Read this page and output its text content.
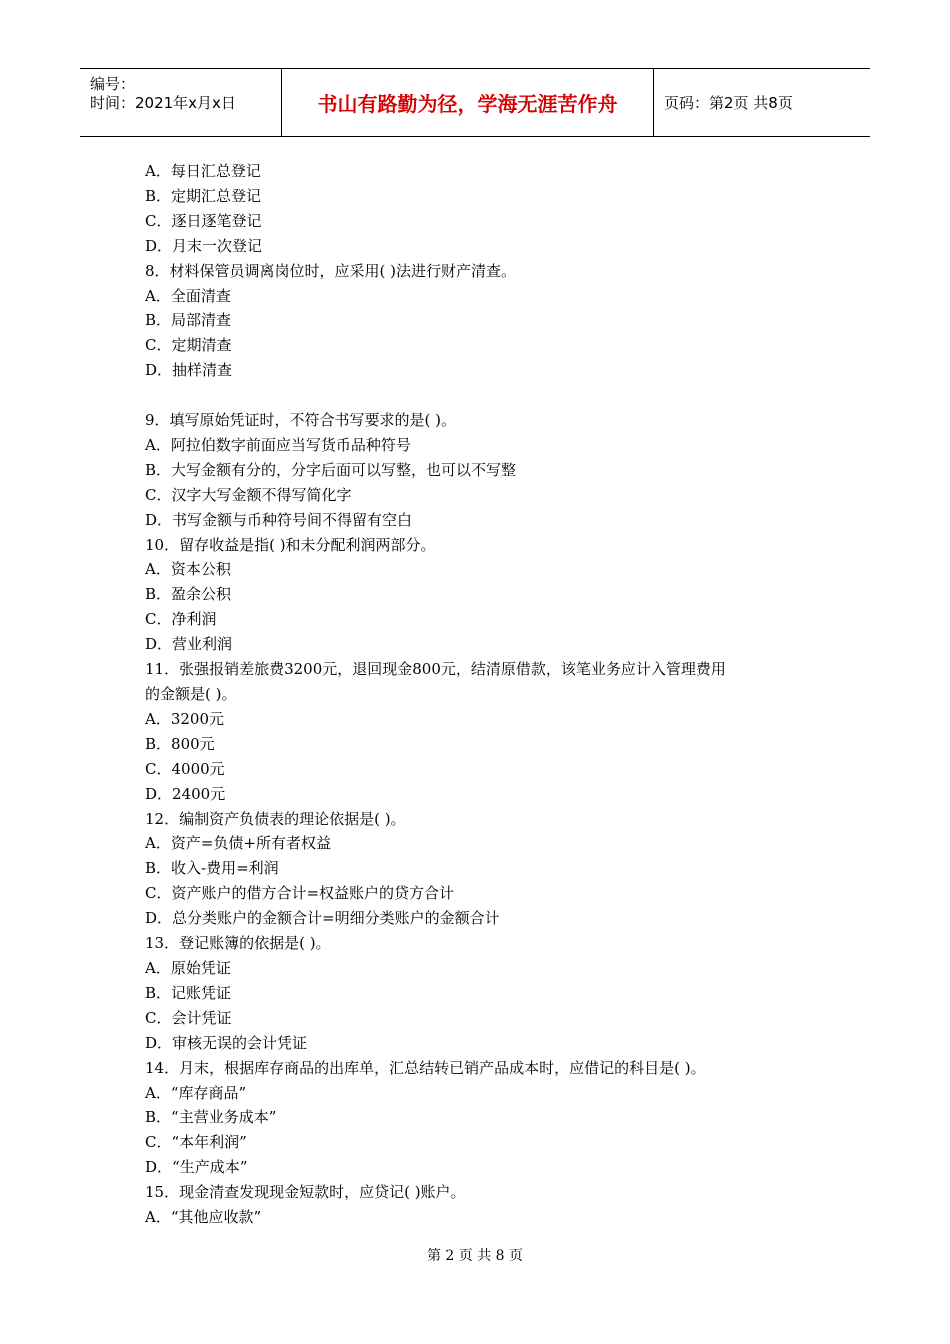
编号：
时间：2021年x月x日	书山有路勤为径，学海无涯苦作舟	页码：第2页 共8页
A．每日汇总登记
B．定期汇总登记
C．逐日逐笔登记
D．月末一次登记
8．材料保管员调离岗位时，应采用( )法进行财产清查。
A．全面清查
B．局部清查
C．定期清查
D．抽样清查
9．填写原始凭证时，不符合书写要求的是( )。
A．阿拉伯数字前面应当写货币品种符号
B．大写金额有分的，分字后面可以写整，也可以不写整
C．汉字大写金额不得写简化字
D．书写金额与币种符号间不得留有空白
10．留存收益是指( )和未分配利润两部分。
A．资本公积
B．盈余公积
C．净利润
D．营业利润
11．张强报销差旅费3200元，退回现金800元，结清原借款，该笔业务应计入管理费用
的金额是( )。
A．3200元
B．800元
C．4000元
D．2400元
12．编制资产负债表的理论依据是( )。
A．资产=负债+所有者权益
B．收入-费用=利润
C．资产账户的借方合计=权益账户的贷方合计
D．总分类账户的金额合计=明细分类账户的金额合计
13．登记账簿的依据是( )。
A．原始凭证
B．记账凭证
C．会计凭证
D．审核无误的会计凭证
14．月末，根据库存商品的出库单，汇总结转已销产品成本时，应借记的科目是( )。
A．“库存商品”
B．“主营业务成本”
C．“本年利润”
D．“生产成本”
15．现金清查发现现金短款时，应贷记( )账户。
A．“其他应收款”
第 2 页 共 8 页
